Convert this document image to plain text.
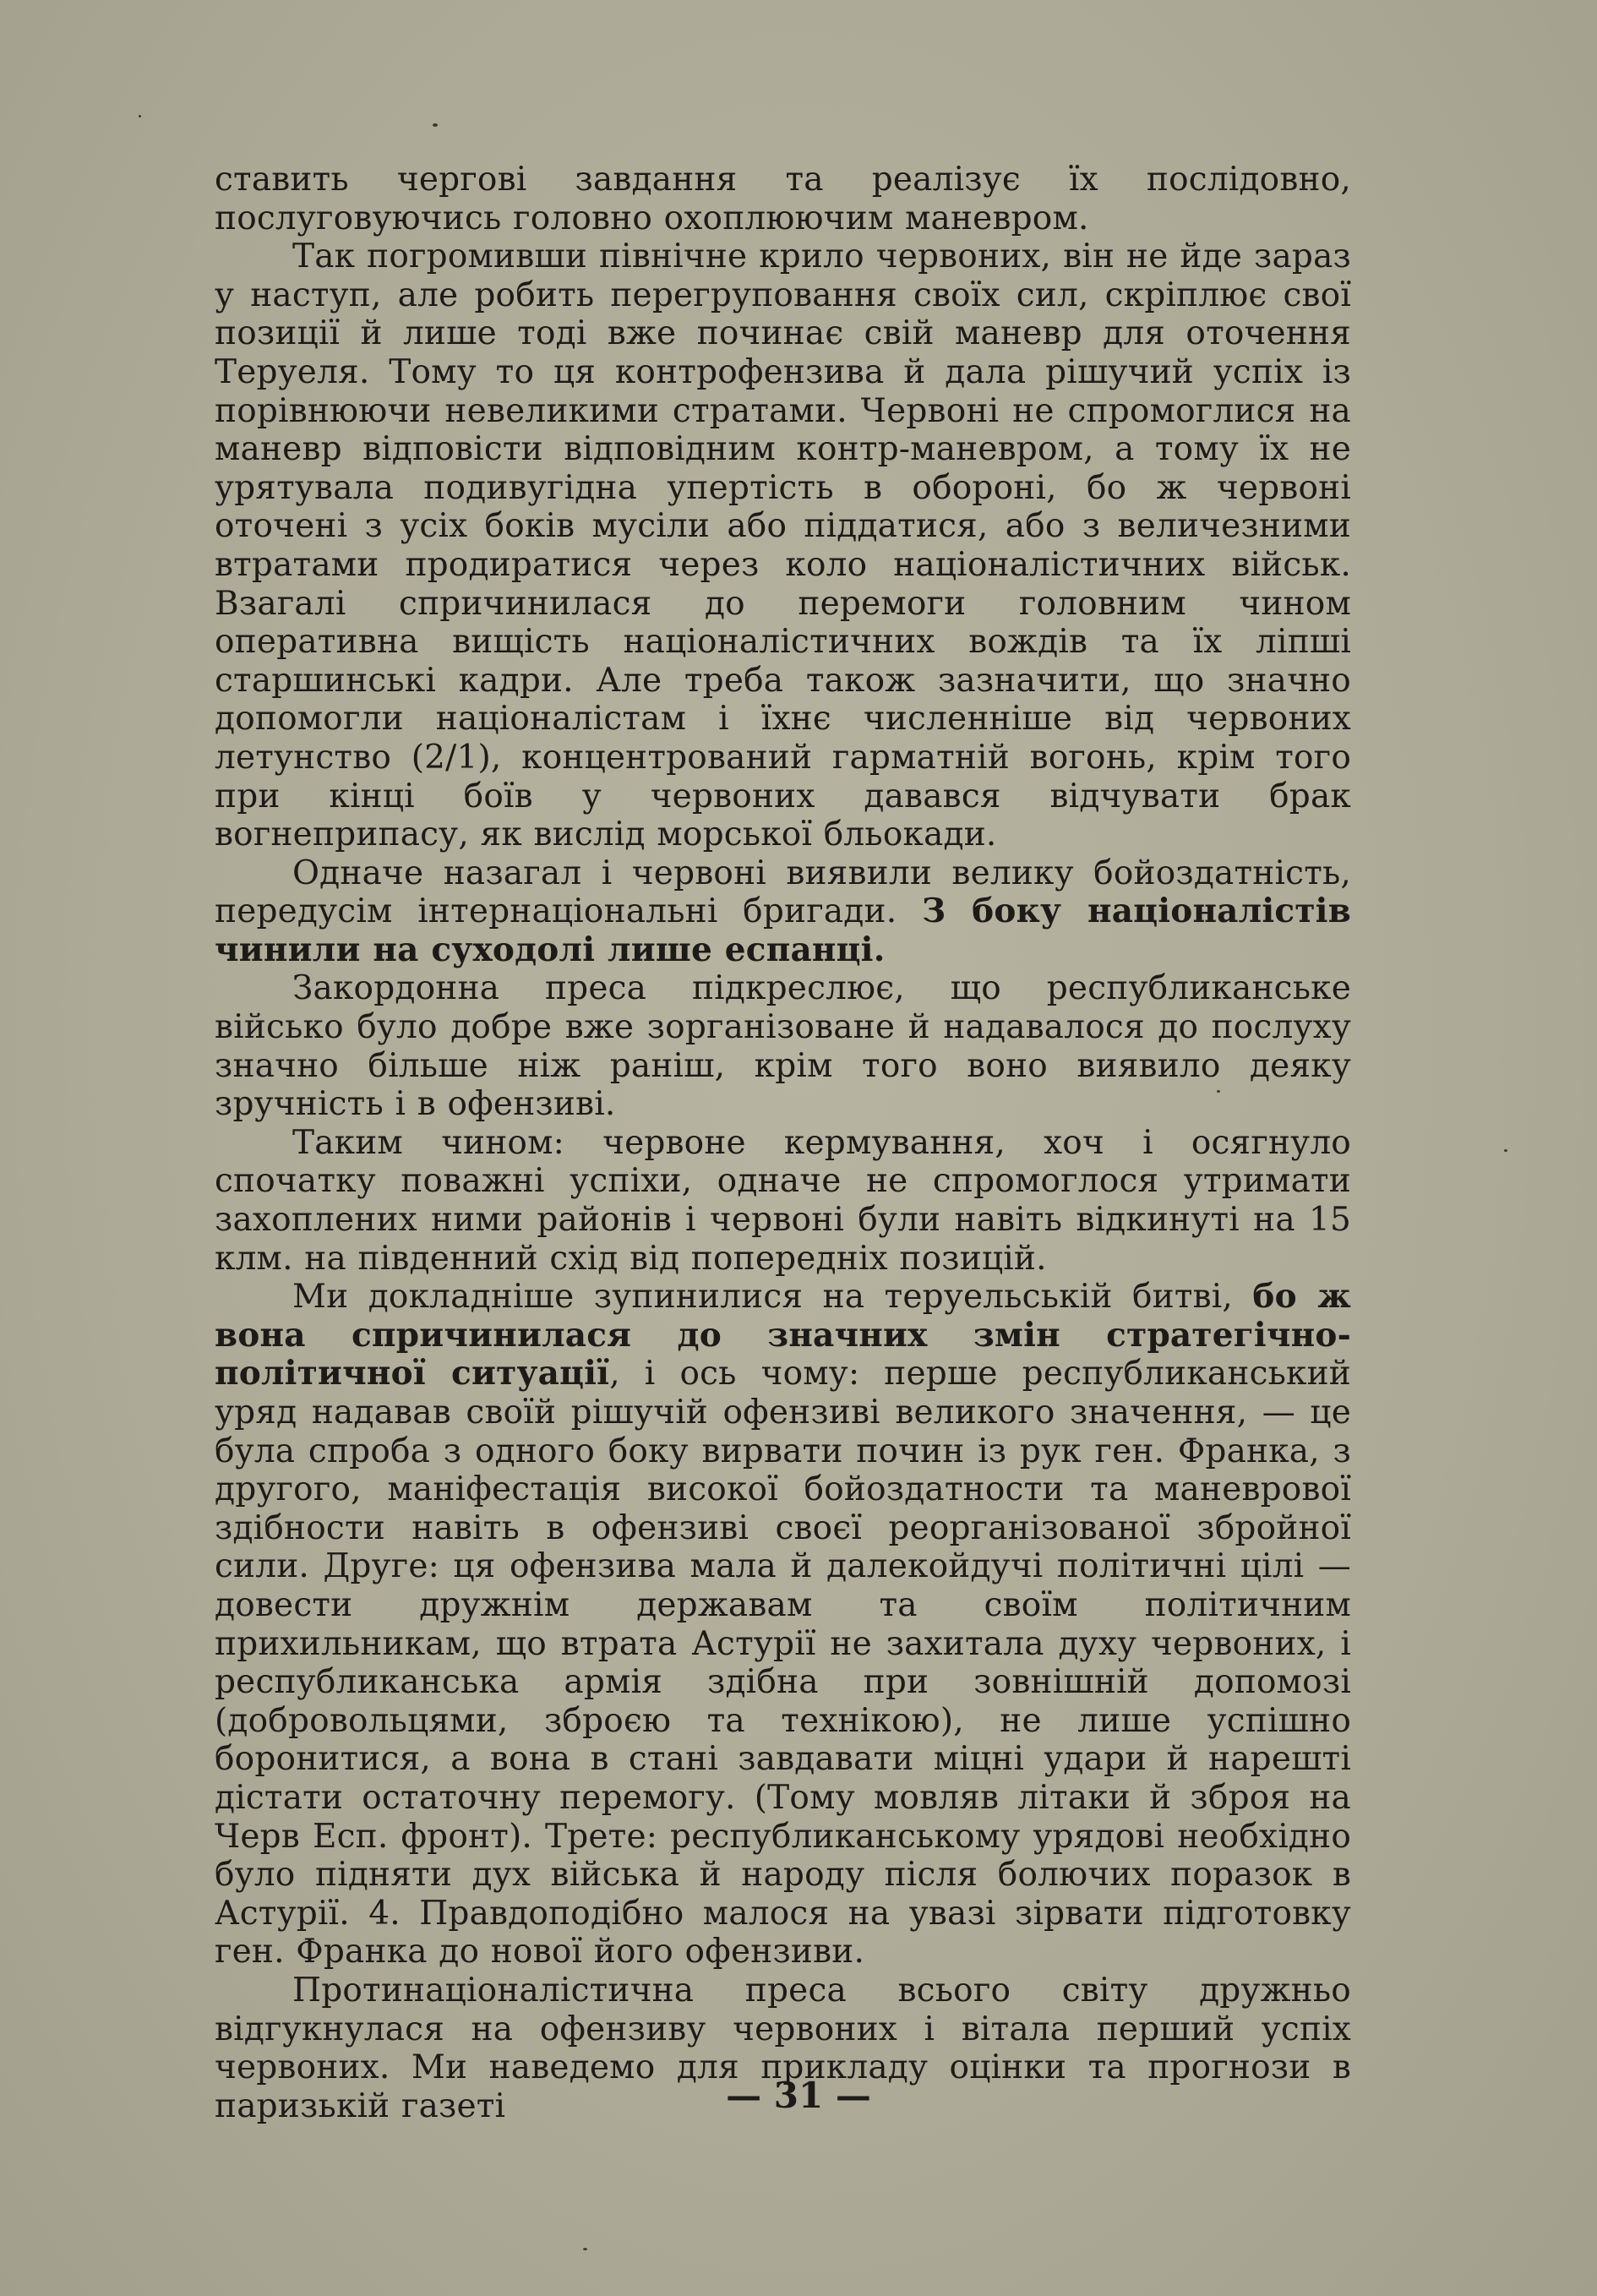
ставить чергові завдання та реалізує їх послідовно, послуговуючись головно охоплюючим маневром.

Так погромивши північне крило червоних, він не йде зараз у наступ, але робить перегруповання своїх сил, скріплює свої позиції й лише тоді вже починає свій маневр для оточення Теруеля. Тому то ця контрофензива й дала рішучий успіх із порівнюючи невеликими стратами. Червоні не спромоглися на маневр відповісти відповідним контр-маневром, а тому їх не урятувала подивугідна упертість в обороні, бо ж червоні оточені з усіх боків мусіли або піддатися, або з величезними втратами продиратися через коло націоналістичних військ. Взагалі спричинилася до перемоги головним чином оперативна вищість націоналістичних вождів та їх ліпші старшинські кадри. Але треба також зазначити, що значно допомогли націоналістам і їхнє численніше від червоних летунство (2/1), концентрований гарматній вогонь, крім того при кінці боїв у червоних давався відчувати брак вогнеприпасу, як вислід морської бльокади.

Одначе назагал і червоні виявили велику бойоздатність, передусім інтернаціональні бригади. З боку націоналістів чинили на суходолі лише еспанці.

Закордонна преса підкреслює, що республиканське військо було добре вже зорганізоване й надавалося до послуху значно більше ніж раніш, крім того воно виявило деяку зручність і в офензиві.

Таким чином: червоне кермування, хоч і осягнуло спочатку поважні успіхи, одначе не спромоглося утримати захоплених ними районів і червоні були навіть відкинуті на 15 клм. на південний схід від попередніх позицій.

Ми докладніше зупинилися на теруельській битві, бо ж вона спричинилася до значних змін стратегічно-політичної ситуації, і ось чому: перше республиканський уряд надавав своїй рішучій офензиві великого значення, — це була спроба з одного боку вирвати почин із рук ген. Франка, з другого, маніфестація високої бойоздатности та маневрової здібности навіть в офензиві своєї реорганізованої збройної сили. Друге: ця офензива мала й далекойдучі політичні цілі — довести дружнім державам та своїм політичним прихильникам, що втрата Астурії не захитала духу червоних, і республиканська армія здібна при зовнішній допомозі (добровольцями, зброєю та технікою), не лише успішно боронитися, а вона в стані завдавати міцні удари й нарешті дістати остаточну перемогу. (Тому мовляв літаки й зброя на Черв Есп. фронт). Трете: республиканському урядові необхідно було підняти дух війська й народу після болючих поразок в Астурії. 4. Правдоподібно малося на увазі зірвати підготовку ген. Франка до нової його офензиви.

Протинаціоналістична преса всього світу дружньо відгукнулася на офензиву червоних і вітала перший успіх червоних. Ми наведемо для прикладу оцінки та прогнози в паризькій газеті	— 31 —
